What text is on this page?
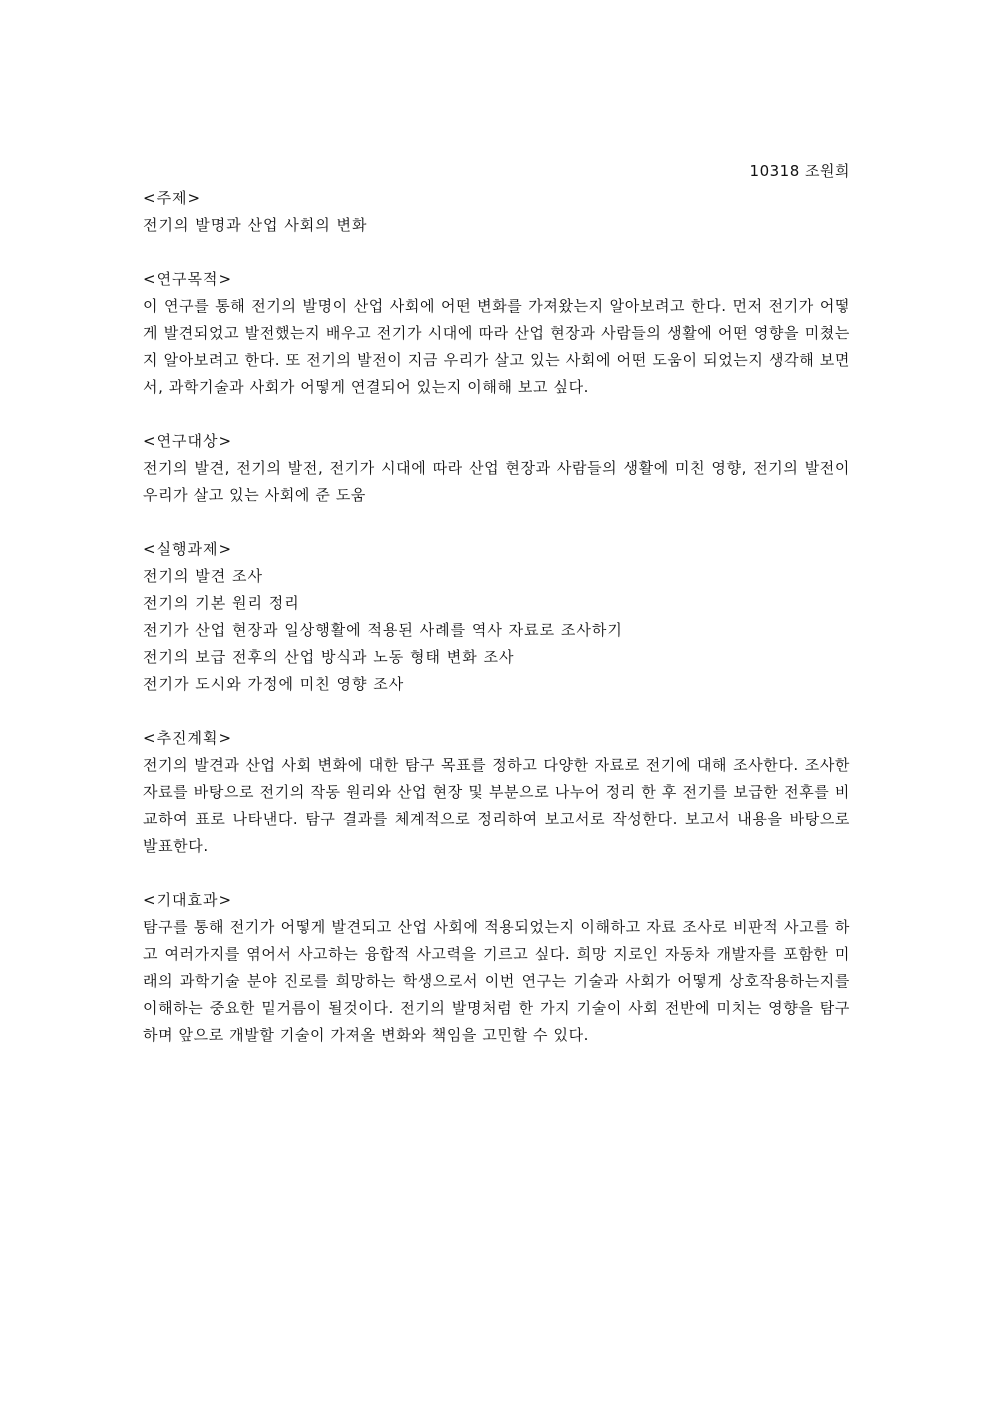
10318 조원희
<주제>
전기의 발명과 산업 사회의 변화
<연구목적>
이 연구를 통해 전기의 발명이 산업 사회에 어떤 변화를 가져왔는지 알아보려고 한다. 먼저 전기가 어떻게 발견되었고 발전했는지 배우고 전기가 시대에 따라 산업 현장과 사람들의 생활에 어떤 영향을 미쳤는지 알아보려고 한다. 또 전기의 발전이 지금 우리가 살고 있는 사회에 어떤 도움이 되었는지 생각해 보면서, 과학기술과 사회가 어떻게 연결되어 있는지 이해해 보고 싶다.
<연구대상>
전기의 발견, 전기의 발전, 전기가 시대에 따라 산업 현장과 사람들의 생활에 미친 영향, 전기의 발전이 우리가 살고 있는 사회에 준 도움
<실행과제>
전기의 발견 조사
전기의 기본 원리 정리
전기가 산업 현장과 일상행활에 적용된 사례를 역사 자료로 조사하기
전기의 보급 전후의 산업 방식과 노동 형태 변화 조사
전기가 도시와 가정에 미친 영향 조사
<추진계획>
전기의 발견과 산업 사회 변화에 대한 탐구 목표를 정하고 다양한 자료로 전기에 대해 조사한다. 조사한 자료를 바탕으로 전기의 작동 원리와 산업 현장 및 부분으로 나누어 정리 한 후 전기를 보급한 전후를 비교하여 표로 나타낸다. 탐구 결과를 체계적으로 정리하여 보고서로 작성한다. 보고서 내용을 바탕으로 발표한다.
<기대효과>
탐구를 통해 전기가 어떻게 발견되고 산업 사회에 적용되었는지 이해하고 자료 조사로 비판적 사고를 하고 여러가지를 엮어서 사고하는 융합적 사고력을 기르고 싶다. 희망 지로인 자동차 개발자를 포함한 미래의 과학기술 분야 진로를 희망하는 학생으로서 이번 연구는 기술과 사회가 어떻게 상호작용하는지를 이해하는 중요한 밑거름이 될것이다. 전기의 발명처럼 한 가지 기술이 사회 전반에 미치는 영향을 탐구하며 앞으로 개발할 기술이 가져올 변화와 책임을 고민할 수 있다.
